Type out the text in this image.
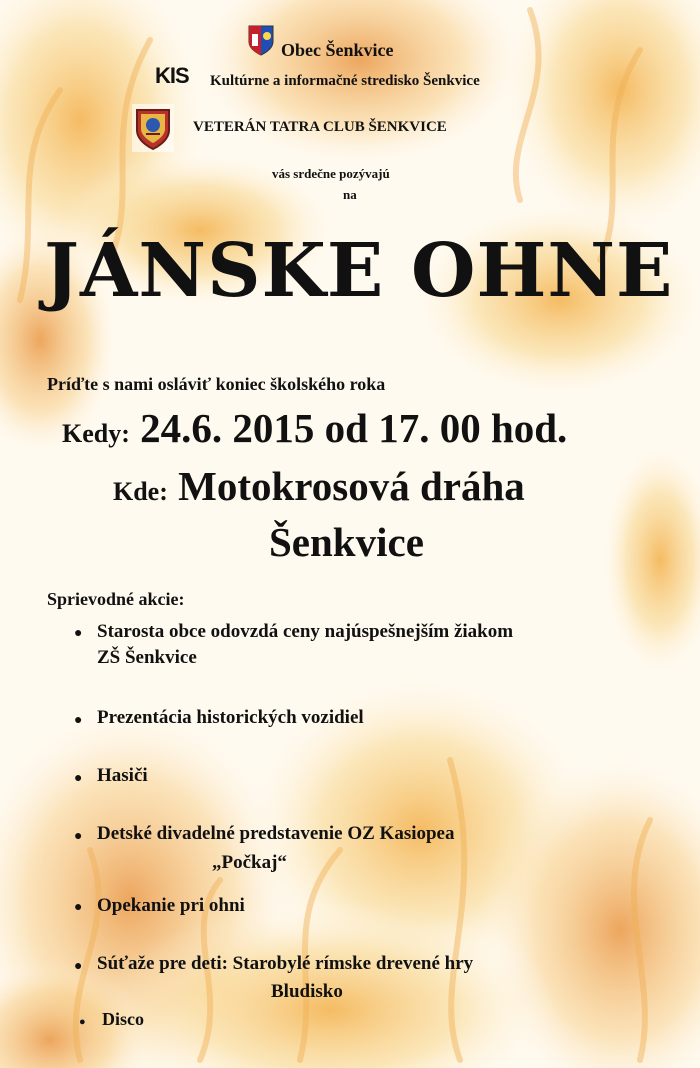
Obec Šenkvice
KIS Kultúrne a informačné stredisko Šenkvice
VETERÁN TATRA CLUB ŠENKVICE
vás srdečne pozývajú
na
JÁNSKE OHNE
Príďte s nami osláviť koniec školského roka
Kedy: 24.6. 2015 od 17. 00 hod.
Kde: Motokrosová dráha
Šenkvice
Sprievodné akcie:
● Starosta obce odovzdá ceny najúspešnejším žiakom
ZŠ Šenkvice
● Prezentácia historických vozidiel
● Hasiči
● Detské divadelné predstavenie OZ Kasiopea
„Počkaj“
● Opekanie pri ohni
● Súťaže pre deti: Starobylé rímske drevené hry
Bludisko
● Disco
